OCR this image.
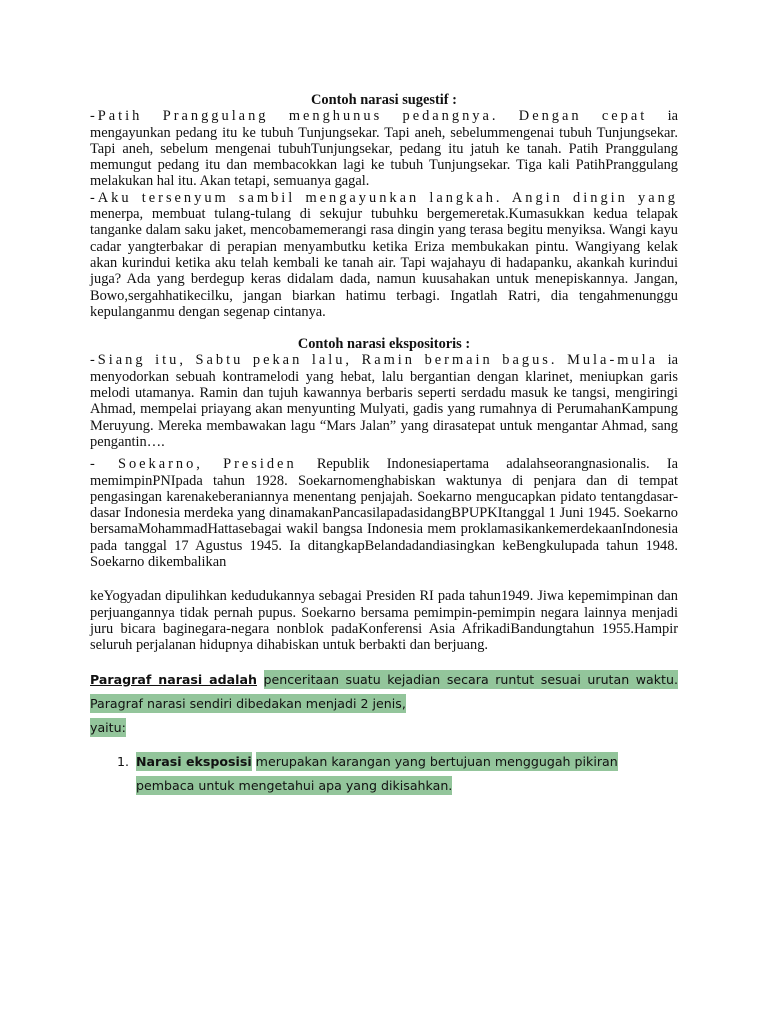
Contoh narasi sugestif :

-Patih Pranggulang menghunus pedangnya. Dengan cepat ia mengayunkan pedang itu ke tubuh Tunjungsekar. Tapi aneh, sebelummengenai tubuh Tunjungsekar. Tapi aneh, sebelum mengenai tubuhTunjungsekar, pedang itu jatuh ke tanah. Patih Pranggulang memungut pedang itu dan membacokkan lagi ke tubuh Tunjungsekar. Tiga kali PatihPranggulang melakukan hal itu. Akan tetapi, semuanya gagal.

-Aku tersenyum sambil mengayunkan langkah. Angin dingin yang menerpa, membuat tulang-tulang di sekujur tubuhku bergemeretak.Kumasukkan kedua telapak tanganke dalam saku jaket, mencobamemerangi rasa dingin yang terasa begitu menyiksa. Wangi kayu cadar yangterbakar di perapian menyambutku ketika Eriza membukakan pintu. Wangiyang kelak akan kurindui ketika aku telah kembali ke tanah air. Tapi wajahayu di hadapanku, akankah kurindui juga? Ada yang berdegup keras didalam dada, namun kuusahakan untuk menepiskannya. Jangan, Bowo,sergahhatikecilku, jangan biarkan hatimu terbagi. Ingatlah Ratri, dia tengahmenunggu kepulanganmu dengan segenap cintanya.

Contoh narasi ekspositoris :

-Siang itu, Sabtu pekan lalu, Ramin bermain bagus. Mula-mula ia menyodorkan sebuah kontramelodi yang hebat, lalu bergantian dengan klarinet, meniupkan garis melodi utamanya. Ramin dan tujuh kawannya berbaris seperti serdadu masuk ke tangsi, mengiringi Ahmad, mempelai priayang akan menyunting Mulyati, gadis yang rumahnya di PerumahanKampung Meruyung. Mereka membawakan lagu “Mars Jalan” yang dirasatepat untuk mengantar Ahmad, sang pengantin….

- Soekarno, Presiden Republik Indonesiapertama adalahseorangnasionalis. Ia memimpinPNIpada tahun 1928. Soekarnomenghabiskan waktunya di penjara dan di tempat pengasingan karenakeberaniannya menentang penjajah. Soekarno mengucapkan pidato tentangdasar-dasar Indonesia merdeka yang dinamakanPancasilapadasidangBPUPKItanggal 1 Juni 1945. Soekarno bersamaMohammadHattasebagai wakil bangsa Indonesia mem proklamasikankemerdekaanIndonesia pada tanggal 17 Agustus 1945. Ia ditangkapBelandadandiasingkan keBengkulupada tahun 1948. Soekarno dikembalikan

keYogyadan dipulihkan kedudukannya sebagai Presiden RI pada tahun1949. Jiwa kepemimpinan dan perjuangannya tidak pernah pupus. Soekarno bersama pemimpin-pemimpin negara lainnya menjadi juru bicara baginegara-negara nonblok padaKonferensi Asia AfrikadiBandungtahun 1955.Hampir seluruh perjalanan hidupnya dihabiskan untuk berbakti dan berjuang.

Paragraf narasi adalah penceritaan suatu kejadian secara runtut sesuai urutan waktu.
Paragraf narasi sendiri dibedakan menjadi 2 jenis,
yaitu:
1. Narasi eksposisi merupakan karangan yang bertujuan menggugah pikiran pembaca untuk mengetahui apa yang dikisahkan.
